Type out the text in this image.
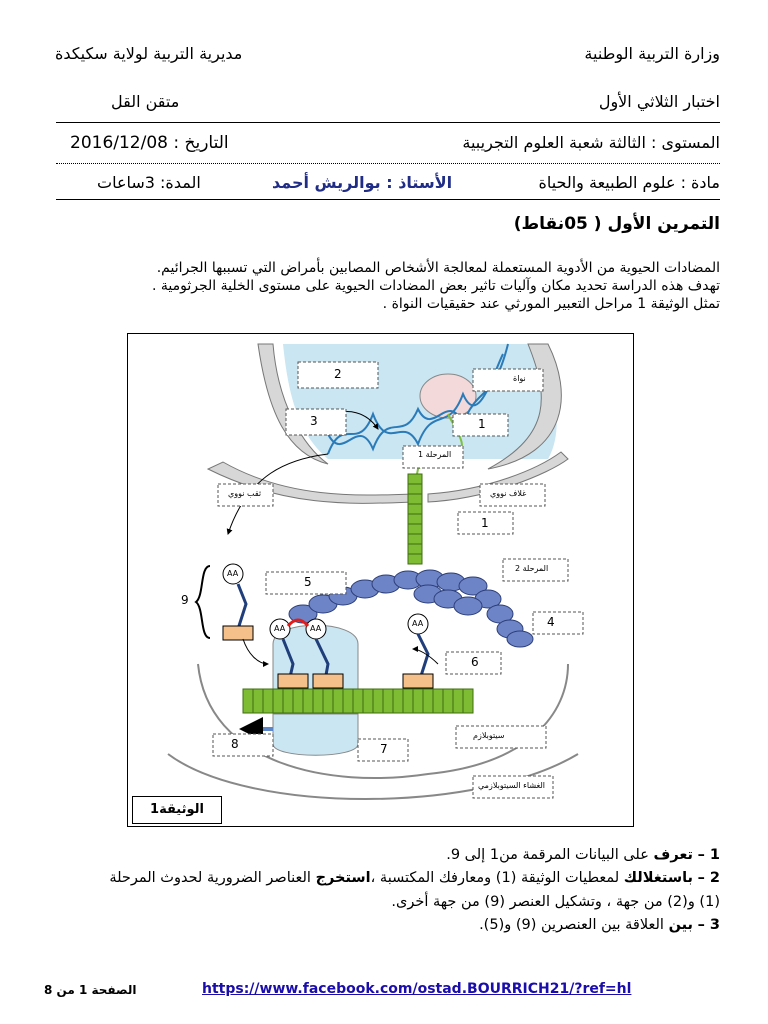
وزارة التربية الوطنية
مديرية التربية لولاية سكيكدة
اختبار الثلاثي الأول
متقن القل
المستوى : الثالثة شعبة العلوم التجريبية
التاريخ : 2016/12/08
مادة : علوم الطبيعة والحياة
الأستاذ : بوالريش أحمد
المدة: 3ساعات
التمرين الأول ( 05نقاط)
المضادات الحيوية من الأدوية المستعملة لمعالجة الأشخاص المصابين بأمراض التي تسببها الجرائيم.
تهدف هذه الدراسة تحديد مكان وآليات تاثير بعض المضادات الحيوية على مستوى الخلية الجرثومية .
تمثل الوثيقة 1 مراحل التعبير المورثي عند حقيقيات النواة .
2
3	1
1
5
4
6
7
8
9
نواة
المرحلة 1
غلاف نووي
ثقب نووي
المرحلة 2
سيتوبلازم
الغشاء السيتوبلازمي
AA
AA	AA
AA
الوثيقة1
1 – تعرف على البيانات المرقمة من1 إلى 9.
2 – باستغلالك لمعطيات الوثيقة (1) ومعارفك المكتسبة ،استخرج العناصر الضرورية لحدوث المرحلة
(1) و(2) من جهة ، وتشكيل العنصر (9) من جهة أخرى.
3 – بين العلاقة بين العنصرين (9) و(5).
الصفحة 1 من 8	https://www.facebook.com/ostad.BOURRICH21/?ref=hl
